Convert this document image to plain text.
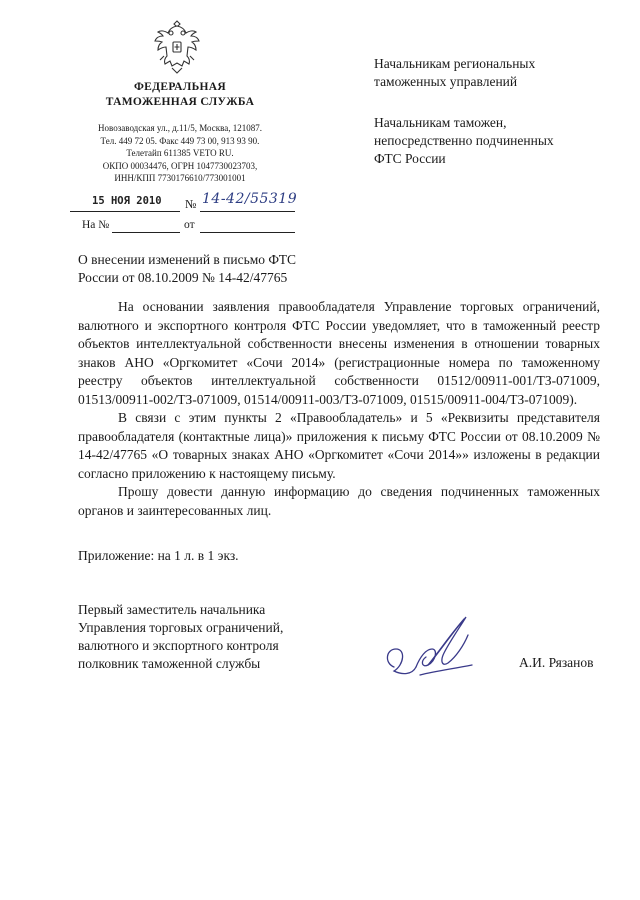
ФЕДЕРАЛЬНАЯ
ТАМОЖЕННАЯ СЛУЖБА
Новозаводская ул., д.11/5, Москва, 121087.
Тел. 449 72 05. Факс 449 73 00, 913 93 90.
Телетайп 611385 VETO RU.
ОКПО 00034476, ОГРН 1047730023703,
ИНН/КПП 7730176610/773001001
15 НОЯ 2010 № 14-42/55319
На №	от
Начальникам региональных
таможенных управлений
Начальникам таможен,
непосредственно подчиненных
ФТС России
О внесении изменений в письмо ФТС
России от 08.10.2009 № 14-42/47765

На основании заявления правообладателя Управление торговых ограничений, валютного и экспортного контроля ФТС России уведомляет, что в таможенный реестр объектов интеллектуальной собственности внесены изменения в отношении товарных знаков АНО «Оргкомитет «Сочи 2014» (регистрационные номера по таможенному реестру объектов интеллектуальной собственности 01512/00911-001/ТЗ-071009, 01513/00911-002/ТЗ-071009, 01514/00911-003/ТЗ-071009, 01515/00911-004/ТЗ-071009).

В связи с этим пункты 2 «Правообладатель» и 5 «Реквизиты представителя правообладателя (контактные лица)» приложения к письму ФТС России от 08.10.2009 № 14-42/47765 «О товарных знаках АНО «Оргкомитет «Сочи 2014»» изложены в редакции согласно приложению к настоящему письму.

Прошу довести данную информацию до сведения подчиненных таможенных органов и заинтересованных лиц.

Приложение: на 1 л. в 1 экз.
Первый заместитель начальника
Управления торговых ограничений,
валютного и экспортного контроля
полковник таможенной службы	А.И. Рязанов
